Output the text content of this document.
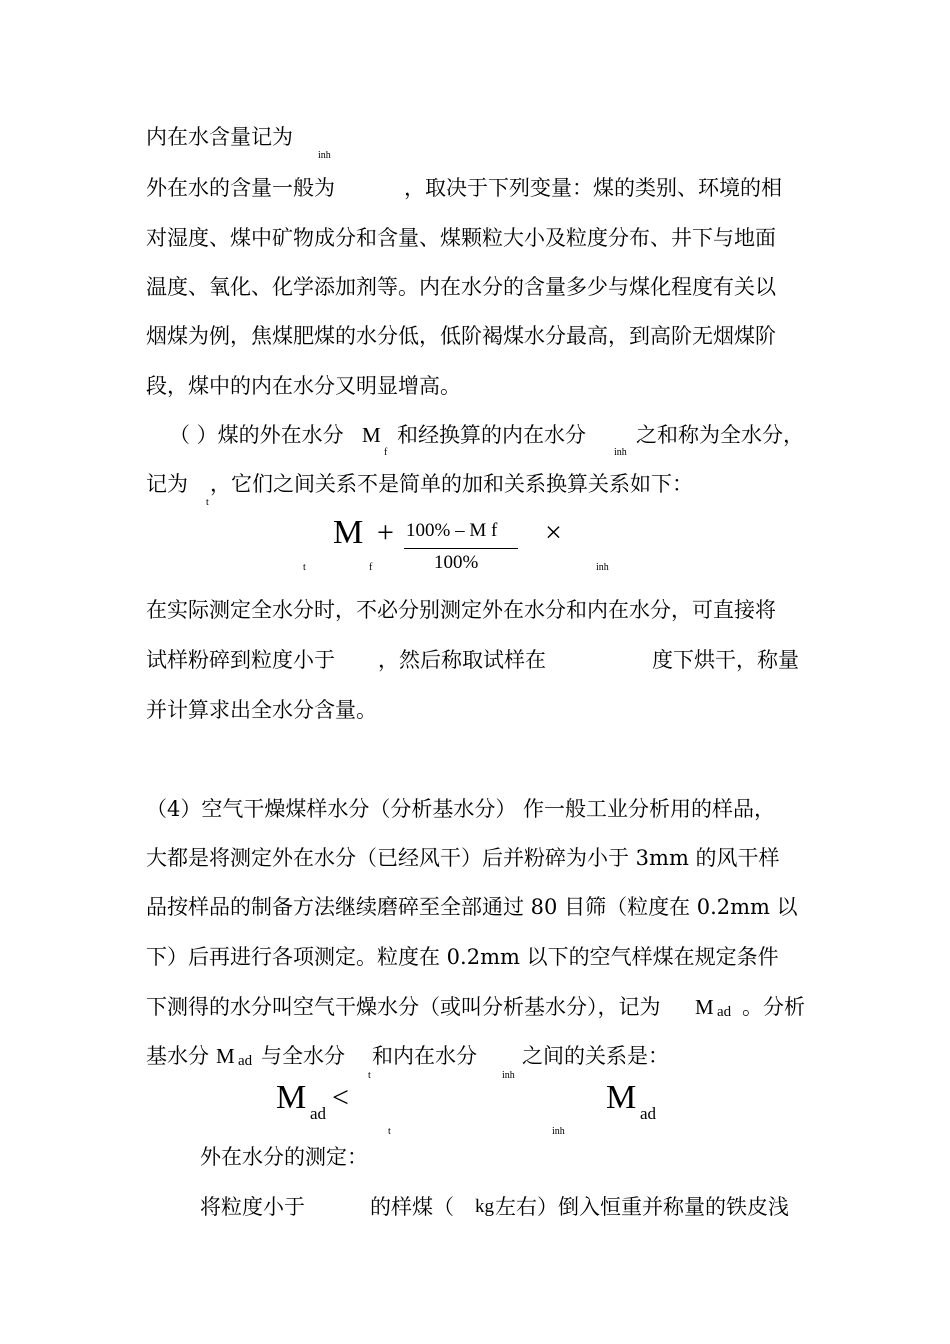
内在水含量记为
inh
外在水的含量一般为	，取决于下列变量：煤的类别、环境的相
对湿度、煤中矿物成分和含量、煤颗粒大小及粒度分布、井下与地面
温度、氧化、化学添加剂等。内在水分的含量多少与煤化程度有关以
烟煤为例，焦煤肥煤的水分低，低阶褐煤水分最高，到高阶无烟煤阶
段，煤中的内在水分又明显增高。
（ ）煤的外在水分 M
f
和经换算的内在水分
inh
之和称为全水分，
记为
t
，它们之间关系不是简单的加和关系换算关系如下：
M
t	f
+ 100% – M f
100%
×
inh
在实际测定全水分时，不必分别测定外在水分和内在水分，可直接将
试样粉碎到粒度小于 ，然后称取试样在	度下烘干，称量
并计算求出全水分含量。
（4）空气干燥煤样水分（分析基水分） 作一般工业分析用的样品，
大都是将测定外在水分（已经风干）后并粉碎为小于 3mm 的风干样
品按样品的制备方法继续磨碎至全部通过 80 目筛（粒度在 0.2mm 以
下）后再进行各项测定。粒度在 0.2mm 以下的空气样煤在规定条件
下测得的水分叫空气干燥水分（或叫分析基水分），记为 M ad 。分析
基水分 M ad 与全水分
t
和内在水分
inh
之间的关系是：
M ad <
t	inh
M ad
外在水分的测定：
将粒度小于	的样煤（ kg 左右）倒入恒重并称量的铁皮浅
